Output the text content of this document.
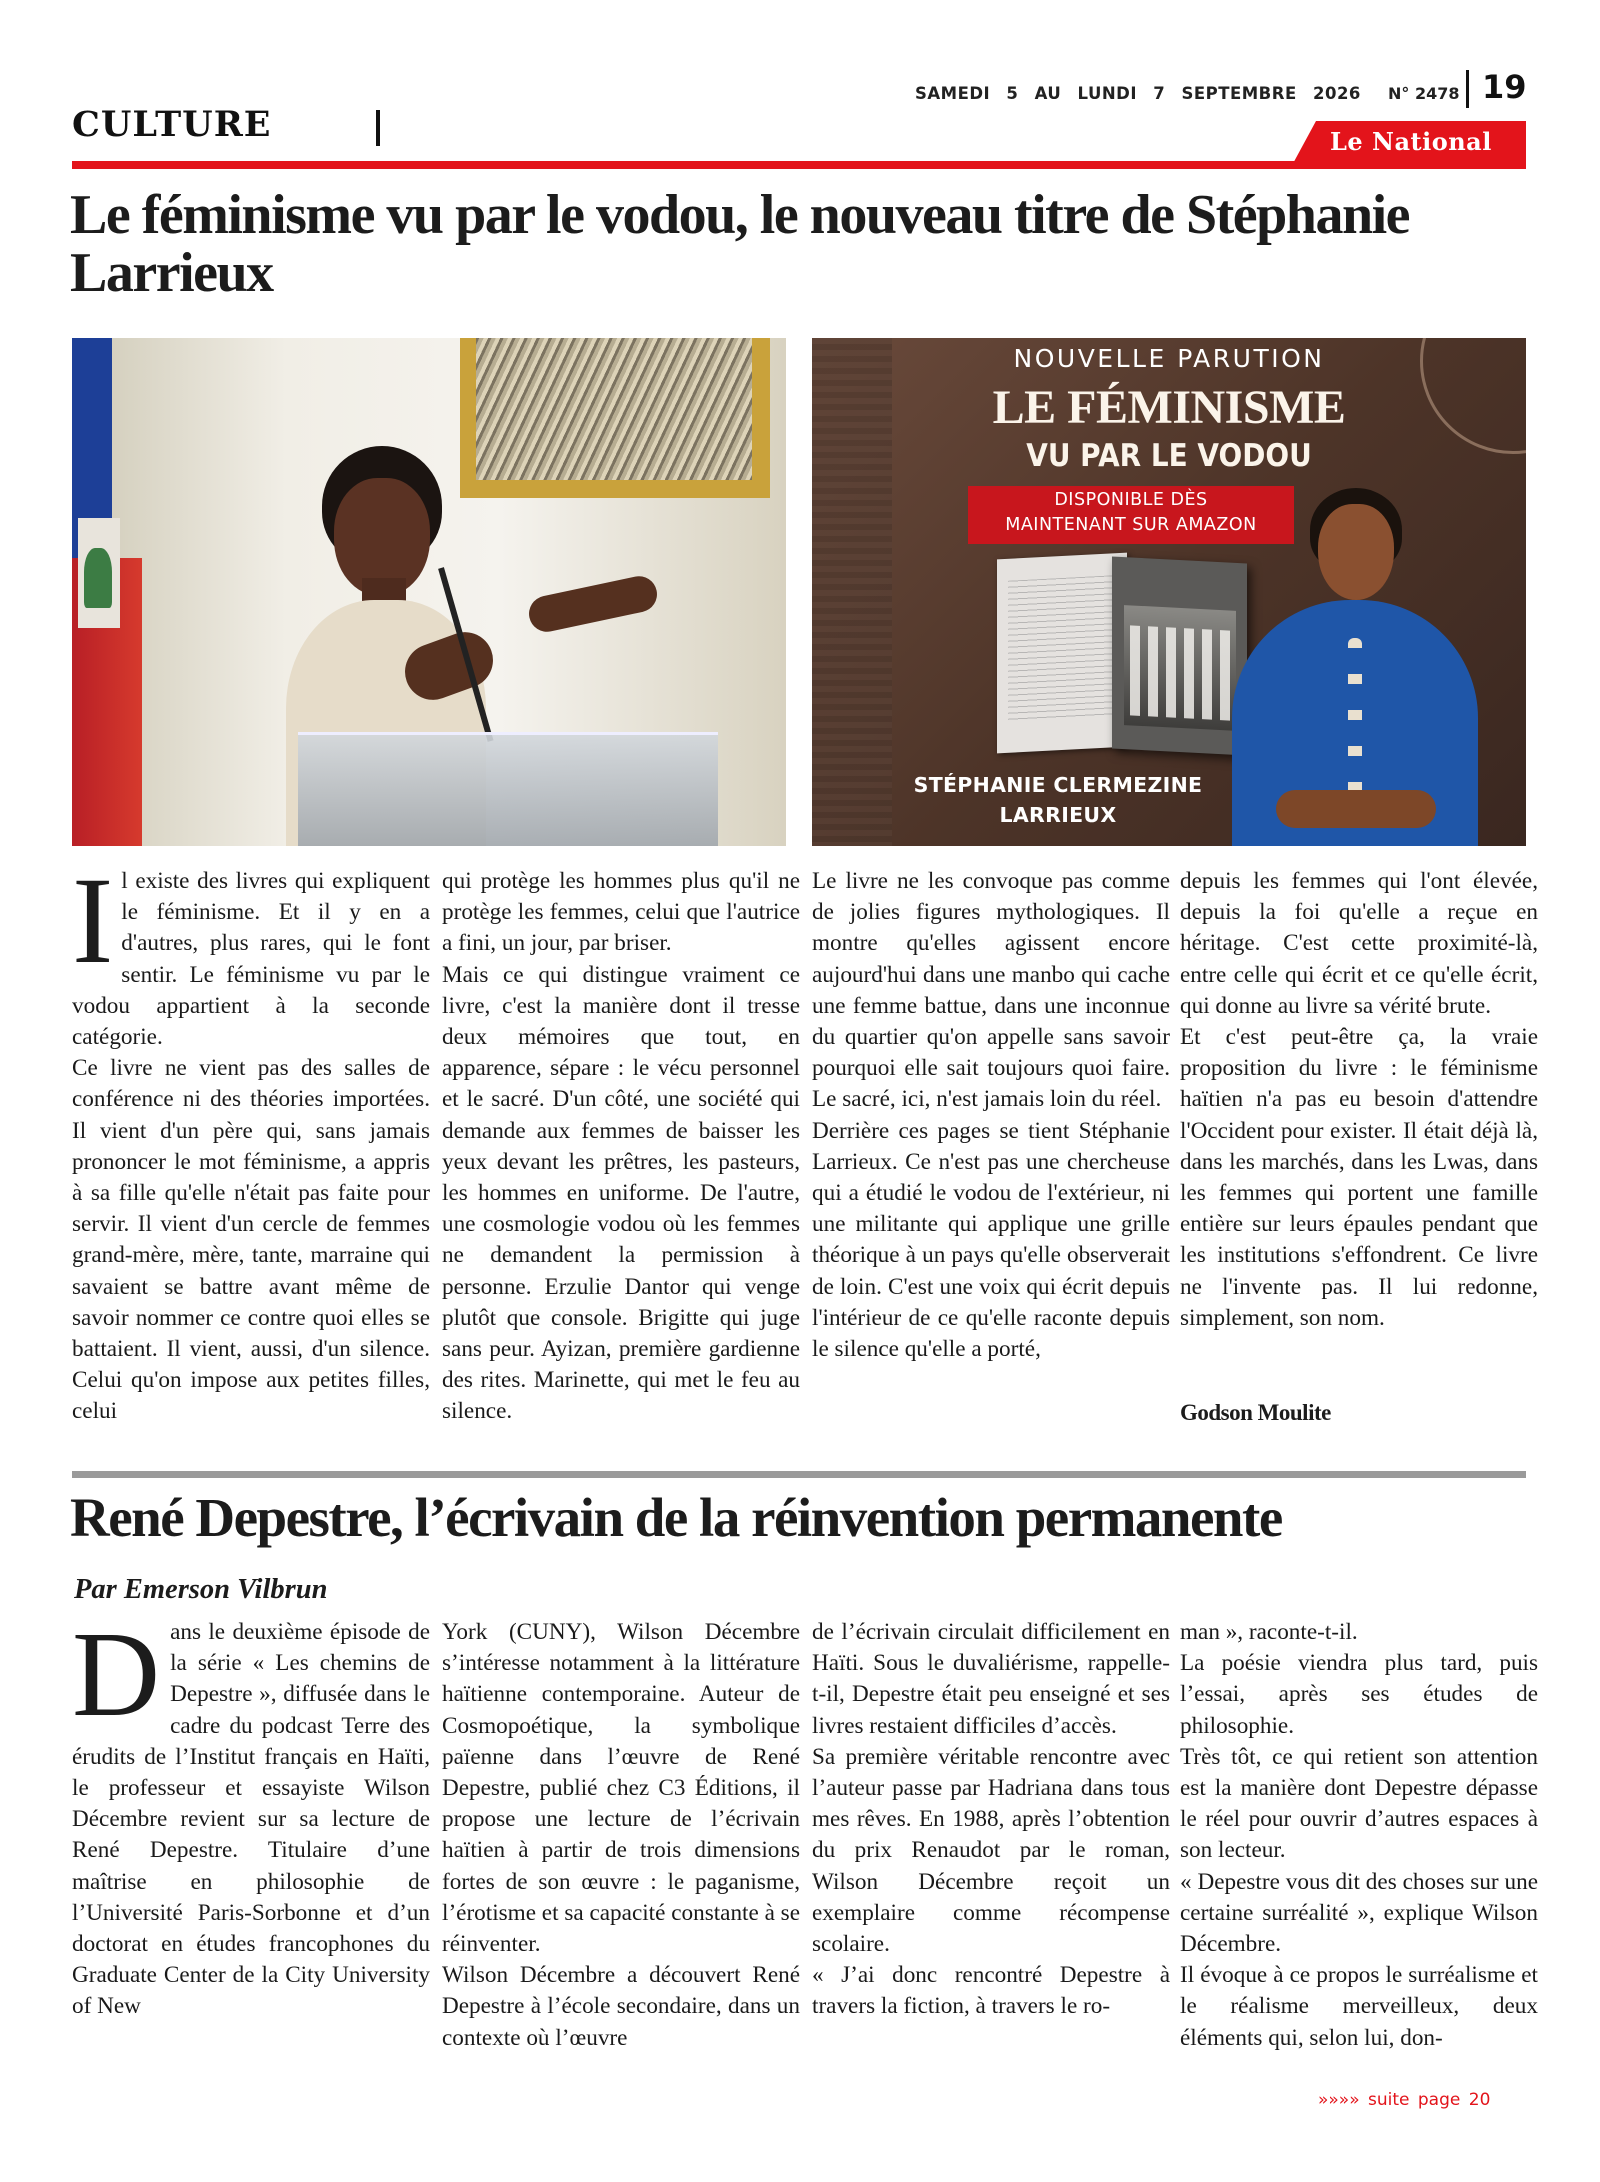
CULTURE
SAMEDI 5 AU LUNDI 7 SEPTEMBRE 2026 N° 2478 19
Le National
Le féminisme vu par le vodou, le nouveau titre de Stéphanie Larrieux
NOUVELLE PARUTION
LE FÉMINISME
VU PAR LE VODOU
DISPONIBLE DÈS
MAINTENANT SUR AMAZON
STÉPHANIE CLERMEZINE
LARRIEUX
I l existe des livres qui expliquent le féminisme. Et il y en a d'autres, plus rares, qui le font sentir. Le féminisme vu par le vodou appartient à la seconde catégorie.

Ce livre ne vient pas des salles de conférence ni des théories importées. Il vient d'un père qui, sans jamais prononcer le mot féminisme, a appris à sa fille qu'elle n'était pas faite pour servir. Il vient d'un cercle de femmes grand-mère, mère, tante, marraine qui savaient se battre avant même de savoir nommer ce contre quoi elles se battaient. Il vient, aussi, d'un silence. Celui qu'on impose aux petites filles, celui

qui protège les hommes plus qu'il ne protège les femmes, celui que l'autrice a fini, un jour, par briser.

Mais ce qui distingue vraiment ce livre, c'est la manière dont il tresse deux mémoires que tout, en apparence, sépare : le vécu personnel et le sacré. D'un côté, une société qui demande aux femmes de baisser les yeux devant les prêtres, les pasteurs, les hommes en uniforme. De l'autre, une cosmologie vodou où les femmes ne demandent la permission à personne. Erzulie Dantor qui venge plutôt que console. Brigitte qui juge sans peur. Ayizan, première gardienne des rites. Marinette, qui met le feu au silence.

Le livre ne les convoque pas comme de jolies figures mythologiques. Il montre qu'elles agissent encore aujourd'hui dans une manbo qui cache une femme battue, dans une inconnue du quartier qu'on appelle sans savoir pourquoi elle sait toujours quoi faire. Le sacré, ici, n'est jamais loin du réel.

Derrière ces pages se tient Stéphanie Larrieux. Ce n'est pas une chercheuse qui a étudié le vodou de l'extérieur, ni une militante qui applique une grille théorique à un pays qu'elle observerait de loin. C'est une voix qui écrit depuis l'intérieur de ce qu'elle raconte depuis le silence qu'elle a porté,

depuis les femmes qui l'ont élevée, depuis la foi qu'elle a reçue en héritage. C'est cette proximité-là, entre celle qui écrit et ce qu'elle écrit, qui donne au livre sa vérité brute.

Et c'est peut-être ça, la vraie proposition du livre : le féminisme haïtien n'a pas eu besoin d'attendre l'Occident pour exister. Il était déjà là, dans les marchés, dans les Lwas, dans les femmes qui portent une famille entière sur leurs épaules pendant que les institutions s'effondrent. Ce livre ne l'invente pas. Il lui redonne, simplement, son nom.

Godson Moulite
René Depestre, l’écrivain de la réinvention permanente
Par Emerson Vilbrun
D ans le deuxième épisode de la série « Les chemins de Depestre », diffusée dans le cadre du podcast Terre des érudits de l’Institut français en Haïti, le professeur et essayiste Wilson Décembre revient sur sa lecture de René Depestre. Titulaire d’une maîtrise en philosophie de l’Université Paris-Sorbonne et d’un doctorat en études francophones du Graduate Center de la City University of New

York (CUNY), Wilson Décembre s’intéresse notamment à la littérature haïtienne contemporaine. Auteur de Cosmopoétique, la symbolique païenne dans l’œuvre de René Depestre, publié chez C3 Éditions, il propose une lecture de l’écrivain haïtien à partir de trois dimensions fortes de son œuvre : le paganisme, l’érotisme et sa capacité constante à se réinventer.

Wilson Décembre a découvert René Depestre à l’école secondaire, dans un contexte où l’œuvre

de l’écrivain circulait difficilement en Haïti. Sous le duvaliérisme, rappelle-t-il, Depestre était peu enseigné et ses livres restaient difficiles d’accès.

Sa première véritable rencontre avec l’auteur passe par Hadriana dans tous mes rêves. En 1988, après l’obtention du prix Renaudot par le roman, Wilson Décembre reçoit un exemplaire comme récompense scolaire.

« J’ai donc rencontré Depestre à travers la fiction, à travers le ro-

man », raconte-t-il.

La poésie viendra plus tard, puis l’essai, après ses études de philosophie.

Très tôt, ce qui retient son attention est la manière dont Depestre dépasse le réel pour ouvrir d’autres espaces à son lecteur.

« Depestre vous dit des choses sur une certaine surréalité », explique Wilson Décembre.

Il évoque à ce propos le surréalisme et le réalisme merveilleux, deux éléments qui, selon lui, don-

»»»» suite page 20
